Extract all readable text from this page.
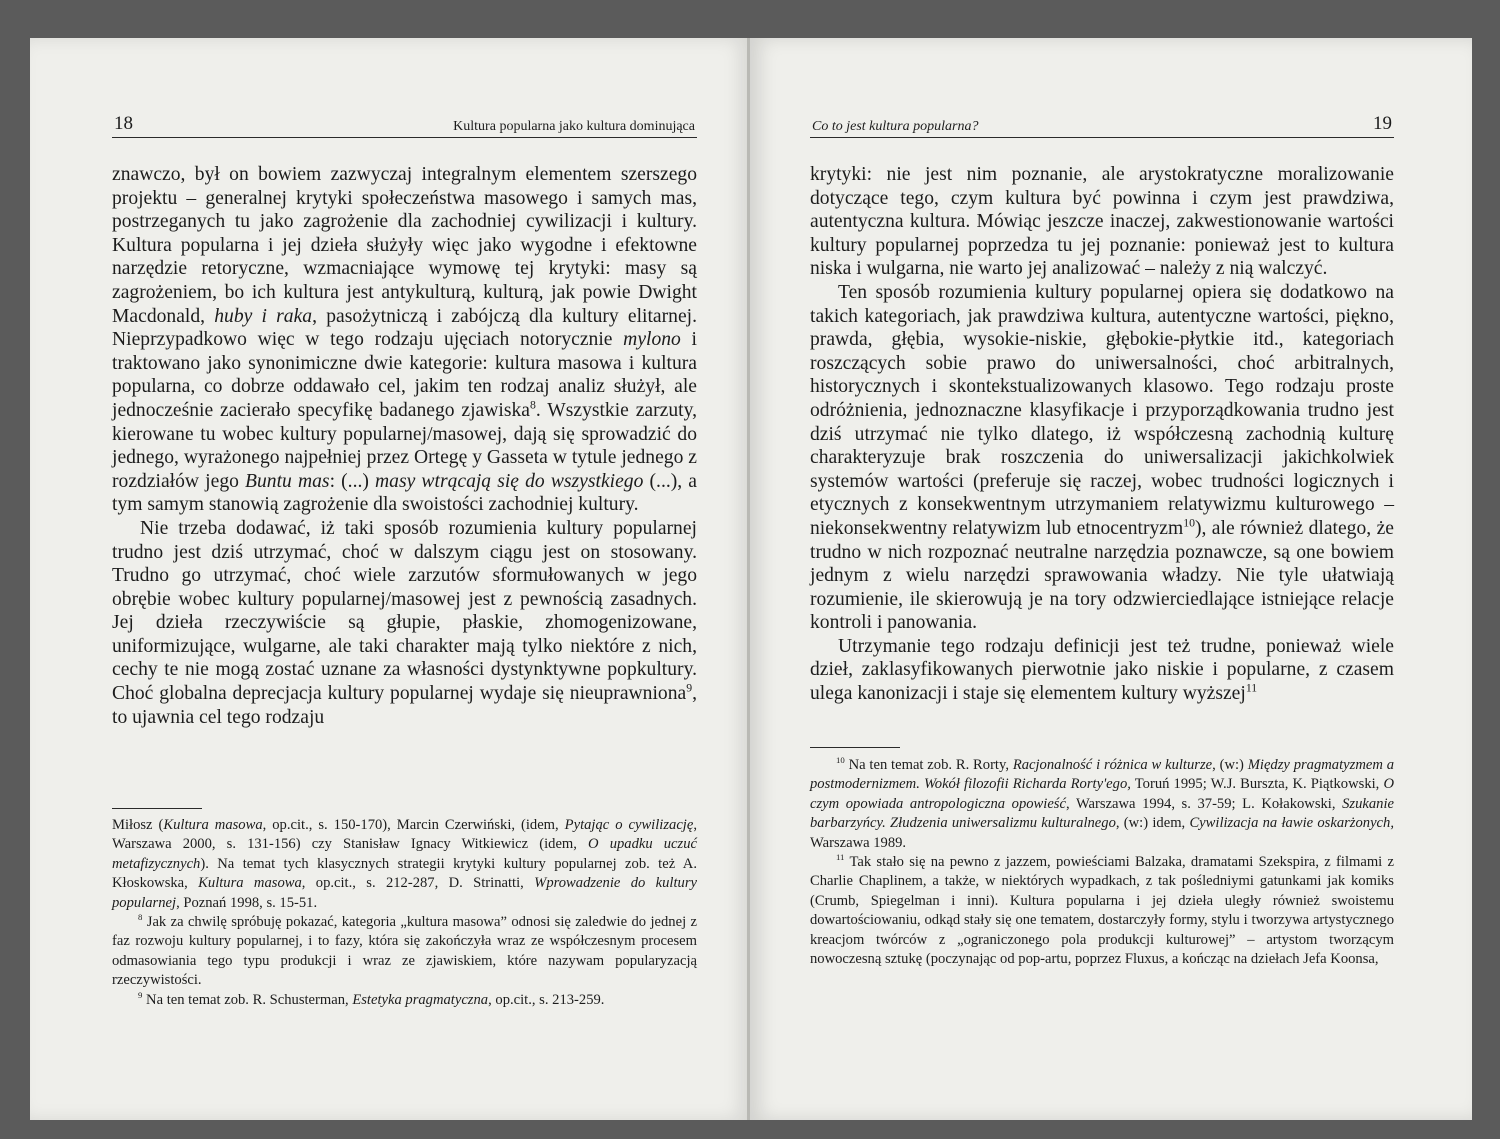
18	Kultura popularna jako kultura dominująca

znawczo, był on bowiem zazwyczaj integralnym elementem szerszego projektu – generalnej krytyki społeczeństwa masowego i samych mas, postrzeganych tu jako zagrożenie dla zachodniej cywilizacji i kultury. Kultura popularna i jej dzieła służyły więc jako wygodne i efektowne narzędzie retoryczne, wzmacniające wymowę tej krytyki: masy są zagrożeniem, bo ich kultura jest antykulturą, kulturą, jak powie Dwight Macdonald, huby i raka, pasożytniczą i zabójczą dla kultury elitarnej. Nieprzypadkowo więc w tego rodzaju ujęciach notorycznie mylono i traktowano jako synonimiczne dwie kategorie: kultura masowa i kultura popularna, co dobrze oddawało cel, jakim ten rodzaj analiz służył, ale jednocześnie zacierało specyfikę badanego zjawiska$^8$. Wszystkie zarzuty, kierowane tu wobec kultury popularnej/masowej, dają się sprowadzić do jednego, wyrażonego najpełniej przez Ortegę y Gasseta w tytule jednego z rozdziałów jego Buntu mas: (...) masy wtrącają się do wszystkiego (...), a tym samym stanowią zagrożenie dla swoistości zachodniej kultury.

Nie trzeba dodawać, iż taki sposób rozumienia kultury popularnej trudno jest dziś utrzymać, choć w dalszym ciągu jest on stosowany. Trudno go utrzymać, choć wiele zarzutów sformułowanych w jego obrębie wobec kultury popularnej/masowej jest z pewnością zasadnych. Jej dzieła rzeczywiście są głupie, płaskie, zhomogenizowane, uniformizujące, wulgarne, ale taki charakter mają tylko niektóre z nich, cechy te nie mogą zostać uznane za własności dystynktywne popkultury. Choć globalna deprecjacja kultury popularnej wydaje się nieuprawniona$^9$, to ujawnia cel tego rodzaju

Miłosz (Kultura masowa, op.cit., s. 150-170), Marcin Czerwiński, (idem, Pytając o cywilizację, Warszawa 2000, s. 131-156) czy Stanisław Ignacy Witkiewicz (idem, O upadku uczuć metafizycznych). Na temat tych klasycznych strategii krytyki kultury popularnej zob. też A. Kłoskowska, Kultura masowa, op.cit., s. 212-287, D. Strinatti, Wprowadzenie do kultury popularnej, Poznań 1998, s. 15-51.

$^8$ Jak za chwilę spróbuję pokazać, kategoria „kultura masowa” odnosi się zaledwie do jednej z faz rozwoju kultury popularnej, i to fazy, która się zakończyła wraz ze współczesnym procesem odmasowiania tego typu produkcji i wraz ze zjawiskiem, które nazywam popularyzacją rzeczywistości.

$^9$ Na ten temat zob. R. Schusterman, Estetyka pragmatyczna, op.cit., s. 213-259.

Co to jest kultura popularna?	19

krytyki: nie jest nim poznanie, ale arystokratyczne moralizowanie dotyczące tego, czym kultura być powinna i czym jest prawdziwa, autentyczna kultura. Mówiąc jeszcze inaczej, zakwestionowanie wartości kultury popularnej poprzedza tu jej poznanie: ponieważ jest to kultura niska i wulgarna, nie warto jej analizować – należy z nią walczyć.

Ten sposób rozumienia kultury popularnej opiera się dodatkowo na takich kategoriach, jak prawdziwa kultura, autentyczne wartości, piękno, prawda, głębia, wysokie-niskie, głębokie-płytkie itd., kategoriach roszczących sobie prawo do uniwersalności, choć arbitralnych, historycznych i skontekstualizowanych klasowo. Tego rodzaju proste odróżnienia, jednoznaczne klasyfikacje i przyporządkowania trudno jest dziś utrzymać nie tylko dlatego, iż współczesną zachodnią kulturę charakteryzuje brak roszczenia do uniwersalizacji jakichkolwiek systemów wartości (preferuje się raczej, wobec trudności logicznych i etycznych z konsekwentnym utrzymaniem relatywizmu kulturowego – niekonsekwentny relatywizm lub etnocentryzm$^{10}$), ale również dlatego, że trudno w nich rozpoznać neutralne narzędzia poznawcze, są one bowiem jednym z wielu narzędzi sprawowania władzy. Nie tyle ułatwiają rozumienie, ile skierowują je na tory odzwierciedlające istniejące relacje kontroli i panowania.

Utrzymanie tego rodzaju definicji jest też trudne, ponieważ wiele dzieł, zaklasyfikowanych pierwotnie jako niskie i popularne, z czasem ulega kanonizacji i staje się elementem kultury wyższej$^{11}$

$^{10}$ Na ten temat zob. R. Rorty, Racjonalność i różnica w kulturze, (w:) Między pragmatyzmem a postmodernizmem. Wokół filozofii Richarda Rorty'ego, Toruń 1995; W.J. Burszta, K. Piątkowski, O czym opowiada antropologiczna opowieść, Warszawa 1994, s. 37-59; L. Kołakowski, Szukanie barbarzyńcy. Złudzenia uniwersalizmu kulturalnego, (w:) idem, Cywilizacja na ławie oskarżonych, Warszawa 1989.

$^{11}$ Tak stało się na pewno z jazzem, powieściami Balzaka, dramatami Szekspira, z filmami z Charlie Chaplinem, a także, w niektórych wypadkach, z tak pośledniymi gatunkami jak komiks (Crumb, Spiegelman i inni). Kultura popularna i jej dzieła uległy również swoistemu dowartościowaniu, odkąd stały się one tematem, dostarczyły formy, stylu i tworzywa artystycznego kreacjom twórców z „ograniczonego pola produkcji kulturowej” – artystom tworzącym nowoczesną sztukę (poczynając od pop-artu, poprzez Fluxus, a kończąc na dziełach Jefa Koonsa,
